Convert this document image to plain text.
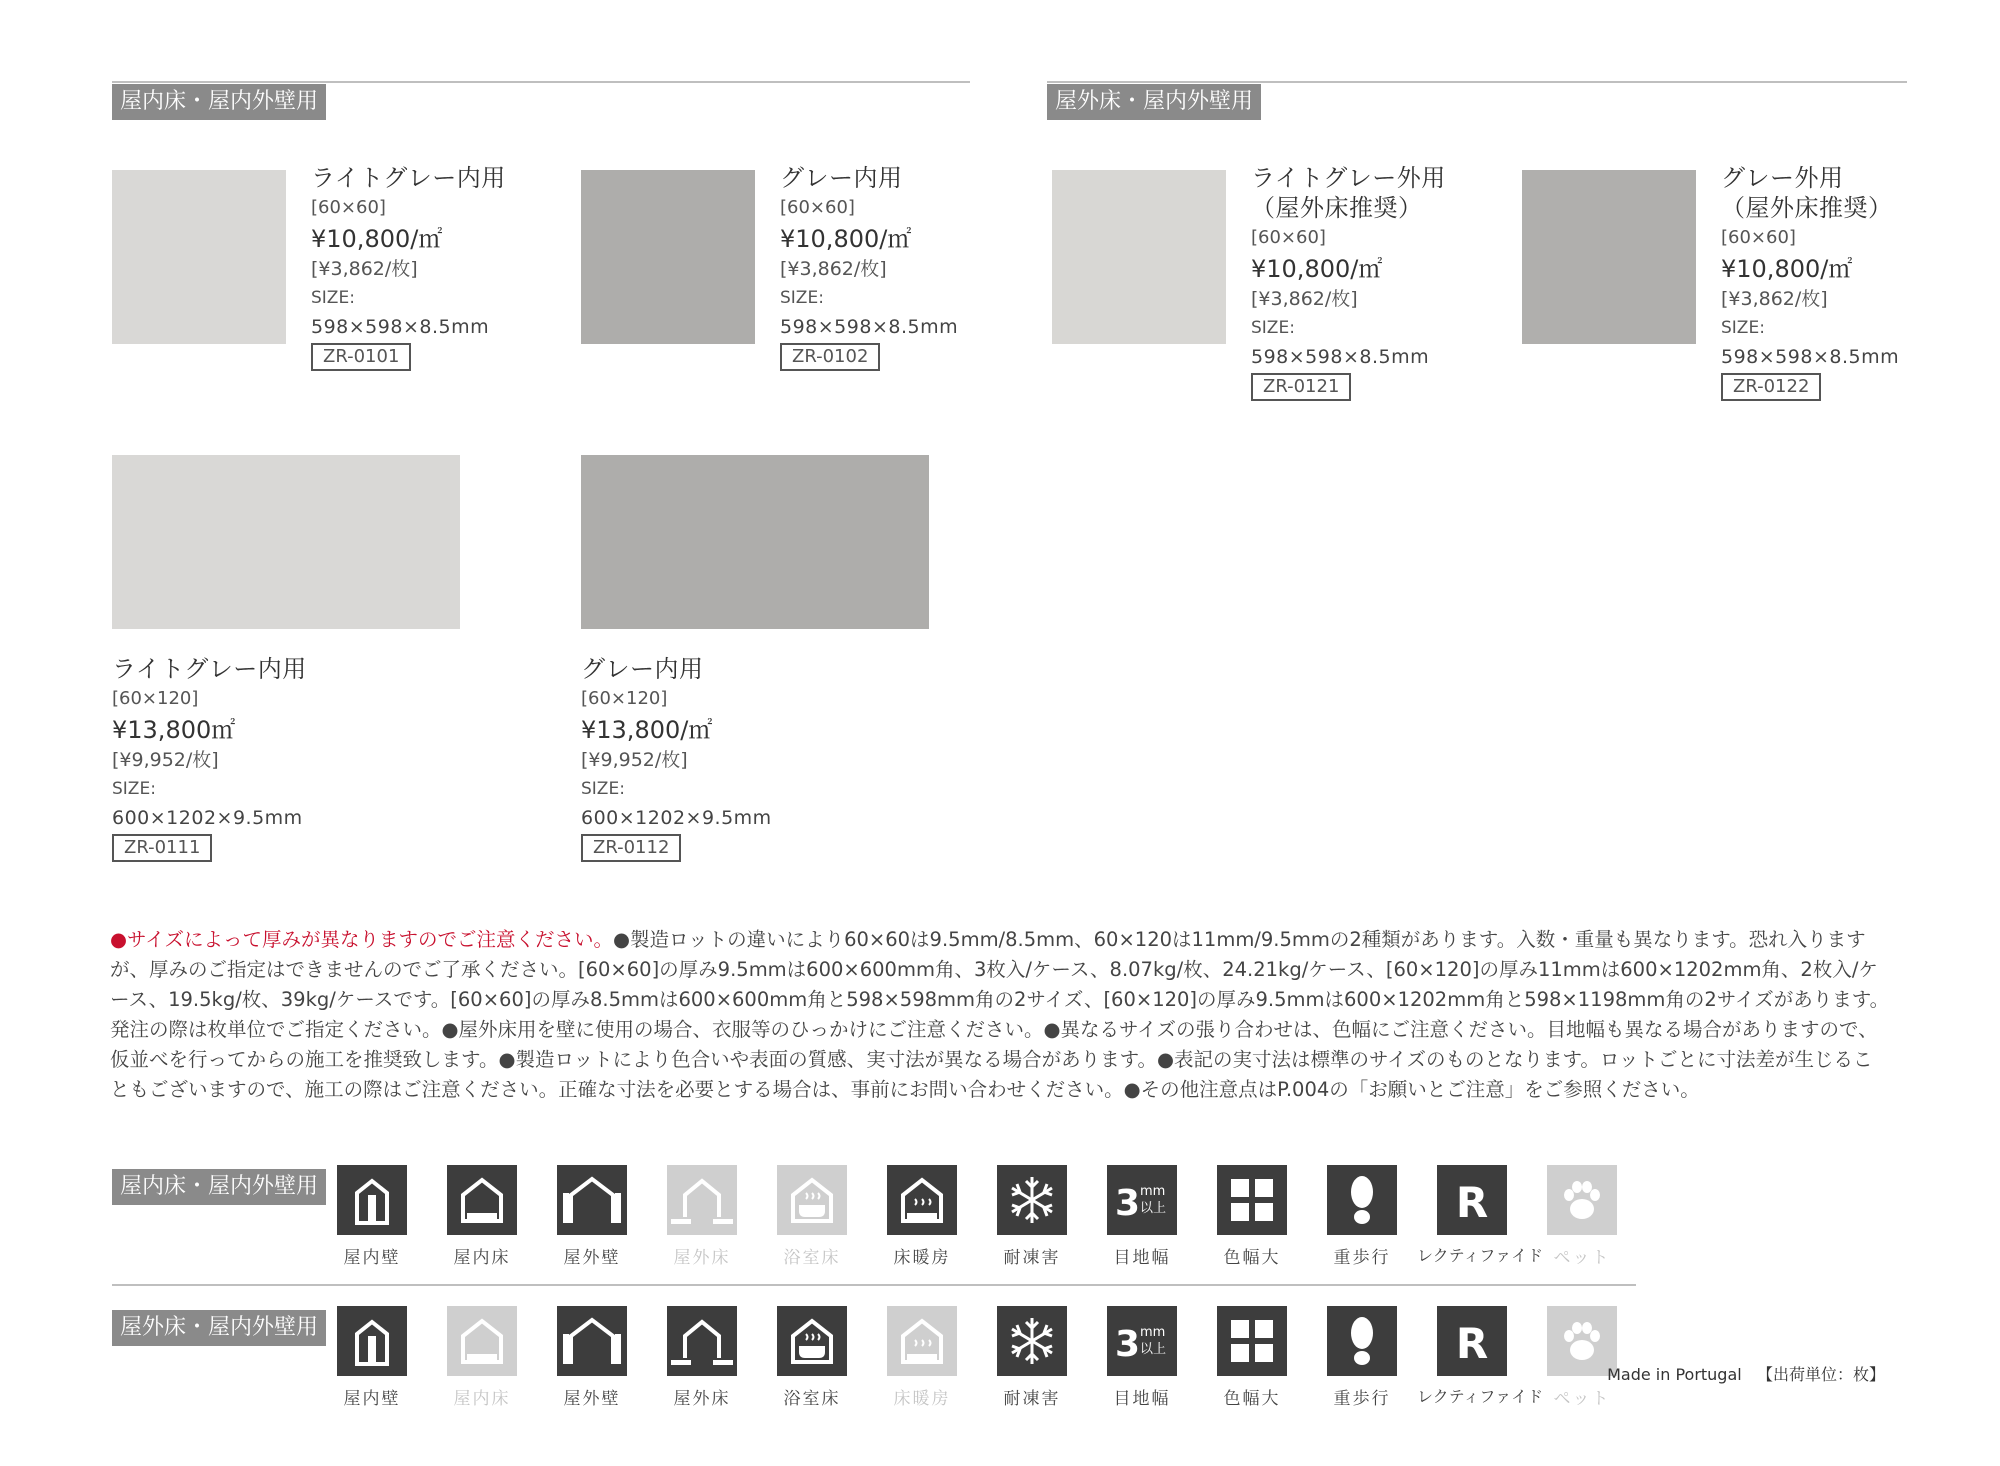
屋内床・屋内外壁用	屋外床・屋内外壁用
ライトグレー内用
[60×60]
¥10,800/㎡
[¥3,862/枚]
SIZE:
598×598×8.5mm
ZR-0101
グレー内用
[60×60]
¥10,800/㎡
[¥3,862/枚]
SIZE:
598×598×8.5mm
ZR-0102
ライトグレー外用
（屋外床推奨）
[60×60]
¥10,800/㎡
[¥3,862/枚]
SIZE:
598×598×8.5mm
ZR-0121
グレー外用
（屋外床推奨）
[60×60]
¥10,800/㎡
[¥3,862/枚]
SIZE:
598×598×8.5mm
ZR-0122
ライトグレー内用
[60×120]
¥13,800㎡
[¥9,952/枚]
SIZE:
600×1202×9.5mm
ZR-0111
グレー内用
[60×120]
¥13,800/㎡
[¥9,952/枚]
SIZE:
600×1202×9.5mm
ZR-0112
●サイズによって厚みが異なりますのでご注意ください。●製造ロットの違いにより60×60は9.5mm/8.5mm、60×120は11mm/9.5mmの2種類があります。入数・重量も異なります。恐れ入りますが、厚みのご指定はできませんのでご了承ください。[60×60]の厚み9.5mmは600×600mm角、3枚入/ケース、8.07kg/枚、24.21kg/ケース、[60×120]の厚み11mmは600×1202mm角、2枚入/ケース、19.5kg/枚、39kg/ケースです。[60×60]の厚み8.5mmは600×600mm角と598×598mm角の2サイズ、[60×120]の厚み9.5mmは600×1202mm角と598×1198mm角の2サイズがあります。発注の際は枚単位でご指定ください。●屋外床用を壁に使用の場合、衣服等のひっかけにご注意ください。●異なるサイズの張り合わせは、色幅にご注意ください。目地幅も異なる場合がありますので、仮並べを行ってからの施工を推奨致します。●製造ロットにより色合いや表面の質感、実寸法が異なる場合があります。●表記の実寸法は標準のサイズのものとなります。ロットごとに寸法差が生じることもございますので、施工の際はご注意ください。正確な寸法を必要とする場合は、事前にお問い合わせください。●その他注意点はP.004の「お願いとご注意」をご参照ください。
屋内床・屋内外壁用
屋内壁	屋内床	屋外壁	屋外床	浴室床	床暖房	耐凍害
3 mm
以上
目地幅	色幅大	重歩行
R
レクティファイド ペット
屋外床・屋内外壁用
屋内壁	屋内床	屋外壁	屋外床	浴室床	床暖房	耐凍害
3 mm
以上
目地幅	色幅大	重歩行
R
レクティファイド ペット
Made in Portugal 【出荷単位：枚】
